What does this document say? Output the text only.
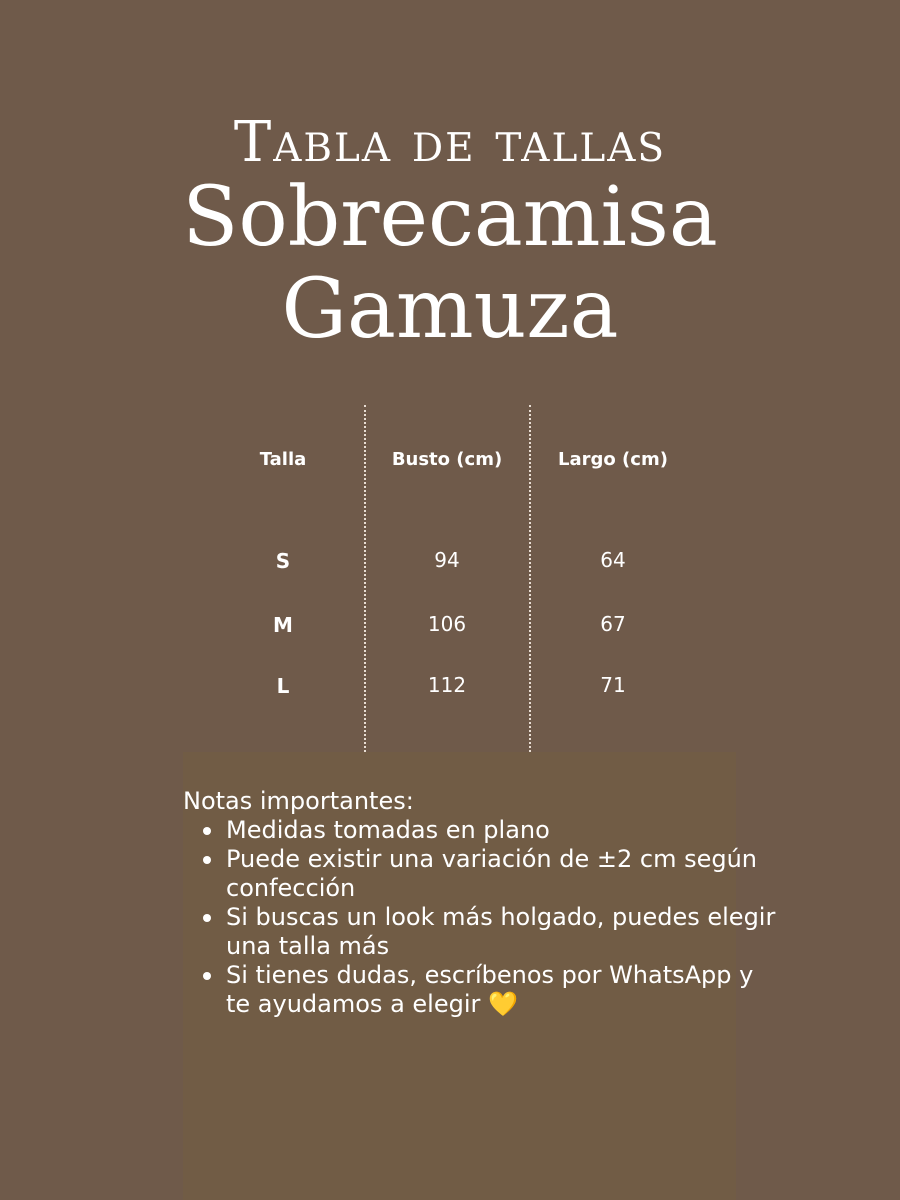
Tabla de tallas
Sobrecamisa
Gamuza
Talla	Busto (cm)	Largo (cm)
S	94	64
M	106	67
L	112	71
Notas importantes:
Medidas tomadas en plano
Puede existir una variación de ±2 cm según confección
Si buscas un look más holgado, puedes elegir una talla más
Si tienes dudas, escríbenos por WhatsApp y te ayudamos a elegir 💛
